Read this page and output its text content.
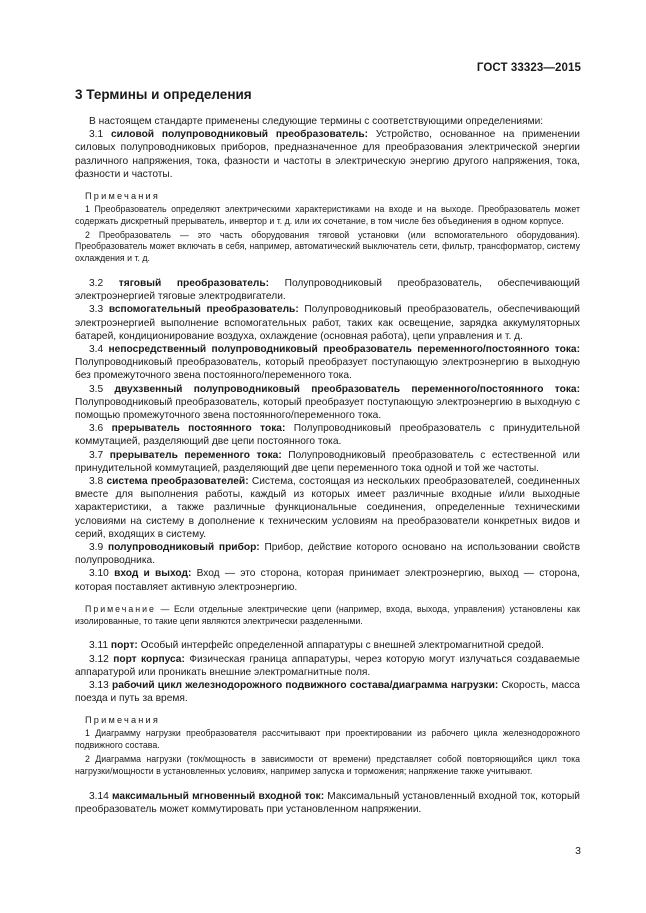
ГОСТ 33323—2015
3 Термины и определения

В настоящем стандарте применены следующие термины с соответствующими определениями:

3.1 силовой полупроводниковый преобразователь: Устройство, основанное на применении силовых полупроводниковых приборов, предназначенное для преобразования электрической энергии различного напряжения, тока, фазности и частоты в электрическую энергию другого напряжения, тока, фазности и частоты.

Примечания

1 Преобразователь определяют электрическими характеристиками на входе и на выходе. Преобразователь может содержать дискретный прерыватель, инвертор и т. д. или их сочетание, в том числе без объединения в одном корпусе.

2 Преобразователь — это часть оборудования тяговой установки (или вспомогательного оборудования). Преобразователь может включать в себя, например, автоматический выключатель сети, фильтр, трансформатор, систему охлаждения и т. д.

3.2 тяговый преобразователь: Полупроводниковый преобразователь, обеспечивающий электроэнергией тяговые электродвигатели.

3.3 вспомогательный преобразователь: Полупроводниковый преобразователь, обеспечивающий электроэнергией выполнение вспомогательных работ, таких как освещение, зарядка аккумуляторных батарей, кондиционирование воздуха, охлаждение (основная работа), цепи управления и т. д.

3.4 непосредственный полупроводниковый преобразователь переменного/постоянного тока: Полупроводниковый преобразователь, который преобразует поступающую электроэнергию в выходную без промежуточного звена постоянного/переменного тока.

3.5 двухзвенный полупроводниковый преобразователь переменного/постоянного тока: Полупроводниковый преобразователь, который преобразует поступающую электроэнергию в выходную с помощью промежуточного звена постоянного/переменного тока.

3.6 прерыватель постоянного тока: Полупроводниковый преобразователь с принудительной коммутацией, разделяющий две цепи постоянного тока.

3.7 прерыватель переменного тока: Полупроводниковый преобразователь с естественной или принудительной коммутацией, разделяющий две цепи переменного тока одной и той же частоты.

3.8 система преобразователей: Система, состоящая из нескольких преобразователей, соединенных вместе для выполнения работы, каждый из которых имеет различные входные и/или выходные характеристики, а также различные функциональные соединения, определенные техническими условиями на систему в дополнение к техническим условиям на преобразователи конкретных видов и серий, входящих в систему.

3.9 полупроводниковый прибор: Прибор, действие которого основано на использовании свойств полупроводника.

3.10 вход и выход: Вход — это сторона, которая принимает электроэнергию, выход — сторона, которая поставляет активную электроэнергию.

Примечание — Если отдельные электрические цепи (например, входа, выхода, управления) установлены как изолированные, то такие цепи являются электрически разделенными.

3.11 порт: Особый интерфейс определенной аппаратуры с внешней электромагнитной средой.

3.12 порт корпуса: Физическая граница аппаратуры, через которую могут излучаться создаваемые аппаратурой или проникать внешние электромагнитные поля.

3.13 рабочий цикл железнодорожного подвижного состава/диаграмма нагрузки: Скорость, масса поезда и путь за время.

Примечания

1 Диаграмму нагрузки преобразователя рассчитывают при проектировании из рабочего цикла железнодорожного подвижного состава.

2 Диаграмма нагрузки (ток/мощность в зависимости от времени) представляет собой повторяющийся цикл тока нагрузки/мощности в установленных условиях, например запуска и торможения; напряжение также учитывают.

3.14 максимальный мгновенный входной ток: Максимальный установленный входной ток, который преобразователь может коммутировать при установленном напряжении.

3
